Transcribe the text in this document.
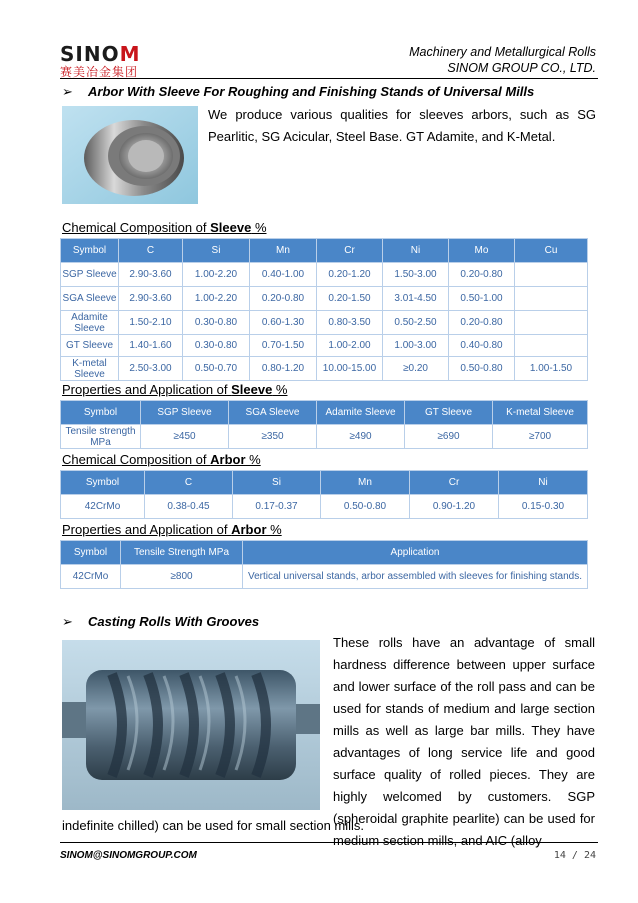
SINOM
赛美冶金集团
Machinery and Metallurgical Rolls
SINOM GROUP CO., LTD.
➢ Arbor With Sleeve For Roughing and Finishing Stands of Universal Mills
We produce various qualities for sleeves arbors, such as SG Pearlitic, SG Acicular, Steel Base. GT Adamite, and K-Metal.
Chemical Composition of Sleeve %
Symbol	C	Si	Mn	Cr	Ni	Mo	Cu
SGP Sleeve	2.90-3.60	1.00-2.20	0.40-1.00	0.20-1.20	1.50-3.00	0.20-0.80	
SGA Sleeve	2.90-3.60	1.00-2.20	0.20-0.80	0.20-1.50	3.01-4.50	0.50-1.00	
Adamite Sleeve	1.50-2.10	0.30-0.80	0.60-1.30	0.80-3.50	0.50-2.50	0.20-0.80	
GT Sleeve	1.40-1.60	0.30-0.80	0.70-1.50	1.00-2.00	1.00-3.00	0.40-0.80	
K-metal Sleeve	2.50-3.00	0.50-0.70	0.80-1.20	10.00-15.00	≥0.20	0.50-0.80	1.00-1.50
Properties and Application of Sleeve %
Symbol	SGP Sleeve	SGA Sleeve	Adamite Sleeve	GT Sleeve	K-metal Sleeve
Tensile strength MPa	≥450	≥350	≥490	≥690	≥700
Chemical Composition of Arbor %
Symbol	C	Si	Mn	Cr	Ni
42CrMo	0.38-0.45	0.17-0.37	0.50-0.80	0.90-1.20	0.15-0.30
Properties and Application of Arbor %
Symbol	Tensile Strength MPa	Application
42CrMo	≥800	Vertical universal stands, arbor assembled with sleeves for finishing stands.
➢ Casting Rolls With Grooves
These rolls have an advantage of small hardness difference between upper surface and lower surface of the roll pass and can be used for stands of medium and large section mills as well as large bar mills. They have advantages of long service life and good surface quality of rolled pieces. They are highly welcomed by customers. SGP (spheroidal graphite pearlite) can be used for medium section mills, and AIC (alloy
indefinite chilled) can be used for small section mills.
SINOM@SINOMGROUP.COM	14 / 24
